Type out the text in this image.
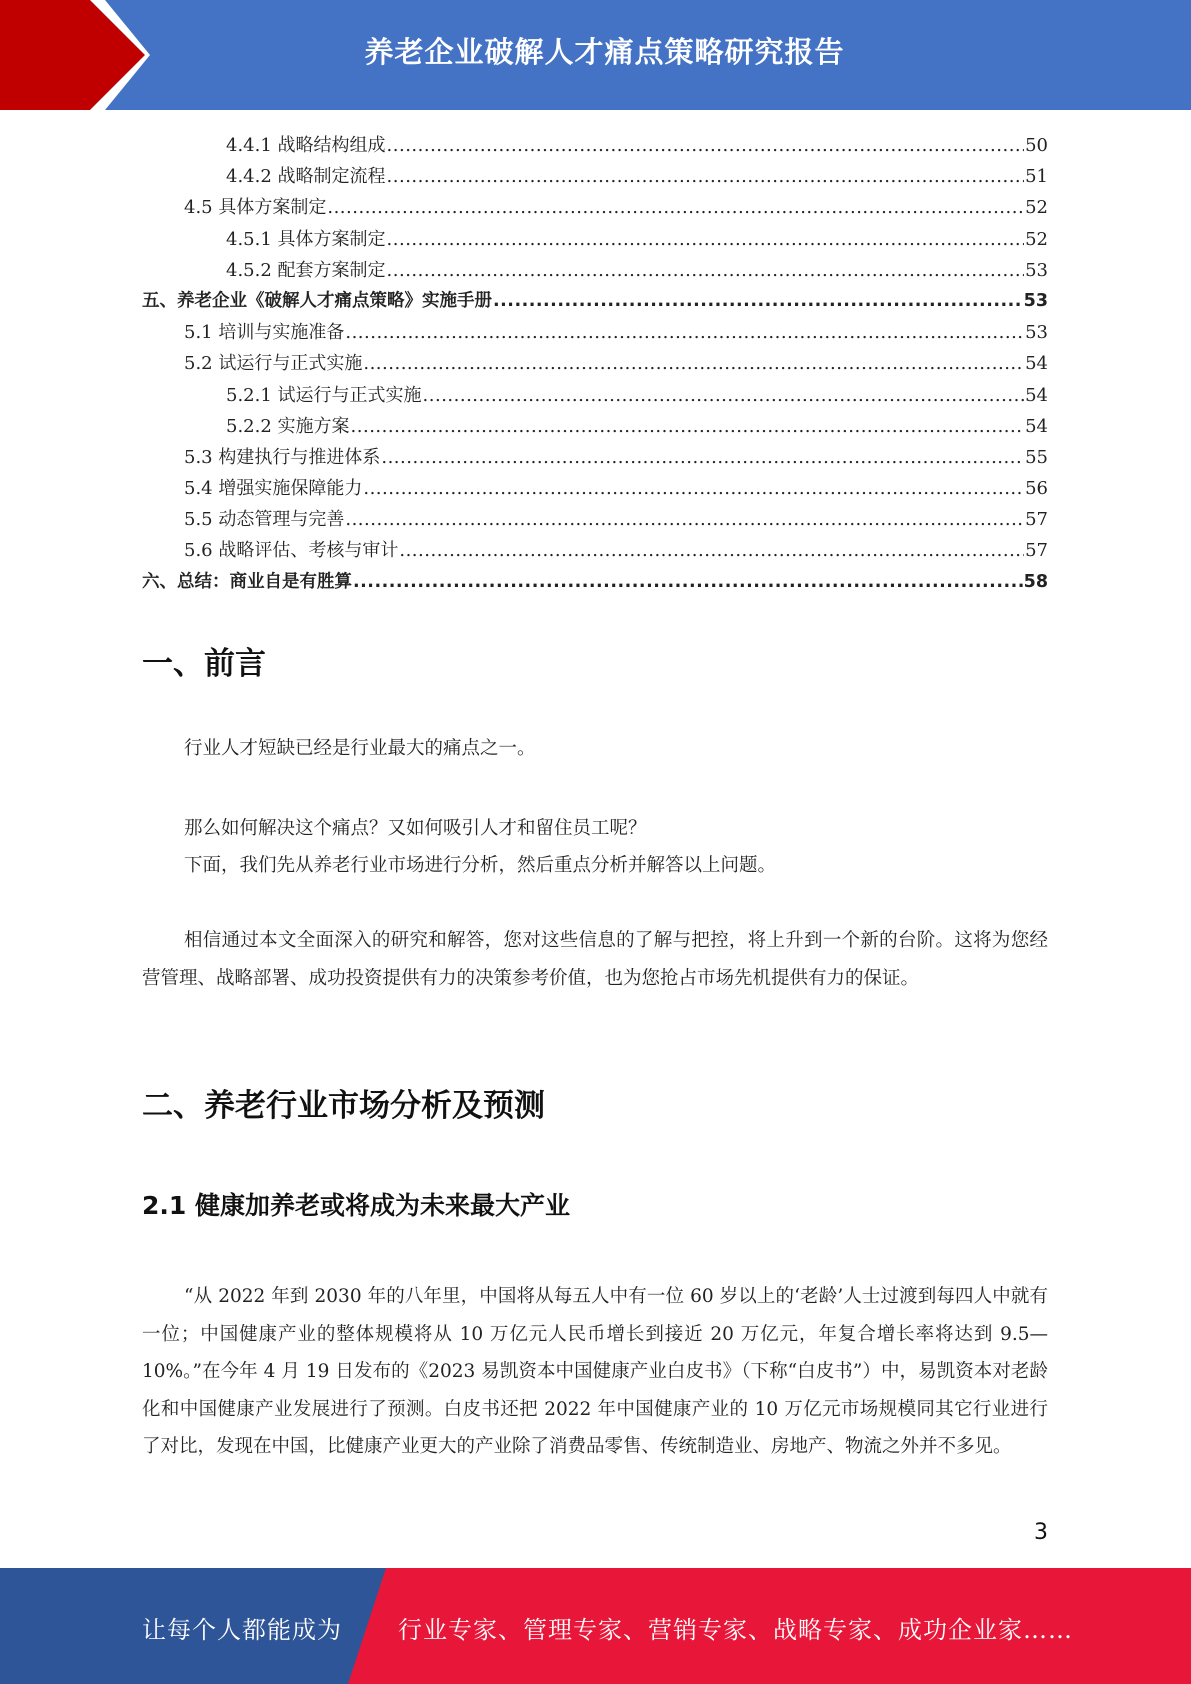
养老企业破解人才痛点策略研究报告
4.4.1 战略结构组成 .....	50
4.4.2 战略制定流程 .....	51
4.5 具体方案制定 .....	52
4.5.1 具体方案制定 .....	52
4.5.2 配套方案制定 .....	53
五、养老企业《破解人才痛点策略》实施手册 .....	53
5.1 培训与实施准备 .....	53
5.2 试运行与正式实施 .....	54
5.2.1 试运行与正式实施 .....	54
5.2.2 实施方案 .....	54
5.3 构建执行与推进体系 .....	55
5.4 增强实施保障能力 .....	56
5.5 动态管理与完善 .....	57
5.6 战略评估、考核与审计 .....	57
六、总结：商业自是有胜算 .....	58
一、前言

行业人才短缺已经是行业最大的痛点之一。

那么如何解决这个痛点？又如何吸引人才和留住员工呢？

下面，我们先从养老行业市场进行分析，然后重点分析并解答以上问题。

相信通过本文全面深入的研究和解答，您对这些信息的了解与把控，将上升到一个新的台阶。这将为您经营管理、战略部署、成功投资提供有力的决策参考价值，也为您抢占市场先机提供有力的保证。

二、养老行业市场分析及预测
2.1 健康加养老或将成为未来最大产业

“从 2022 年到 2030 年的八年里，中国将从每五人中有一位 60 岁以上的‘老龄’人士过渡到每四人中就有一位；中国健康产业的整体规模将从 10 万亿元人民币增长到接近 20 万亿元，年复合增长率将达到 9.5—10%。”在今年 4 月 19 日发布的《2023 易凯资本中国健康产业白皮书》（下称“白皮书”）中，易凯资本对老龄化和中国健康产业发展进行了预测。白皮书还把 2022 年中国健康产业的 10 万亿元市场规模同其它行业进行了对比，发现在中国，比健康产业更大的产业除了消费品零售、传统制造业、房地产、物流之外并不多见。

3
让每个人都能成为 行业专家、管理专家、营销专家、战略专家、成功企业家……
